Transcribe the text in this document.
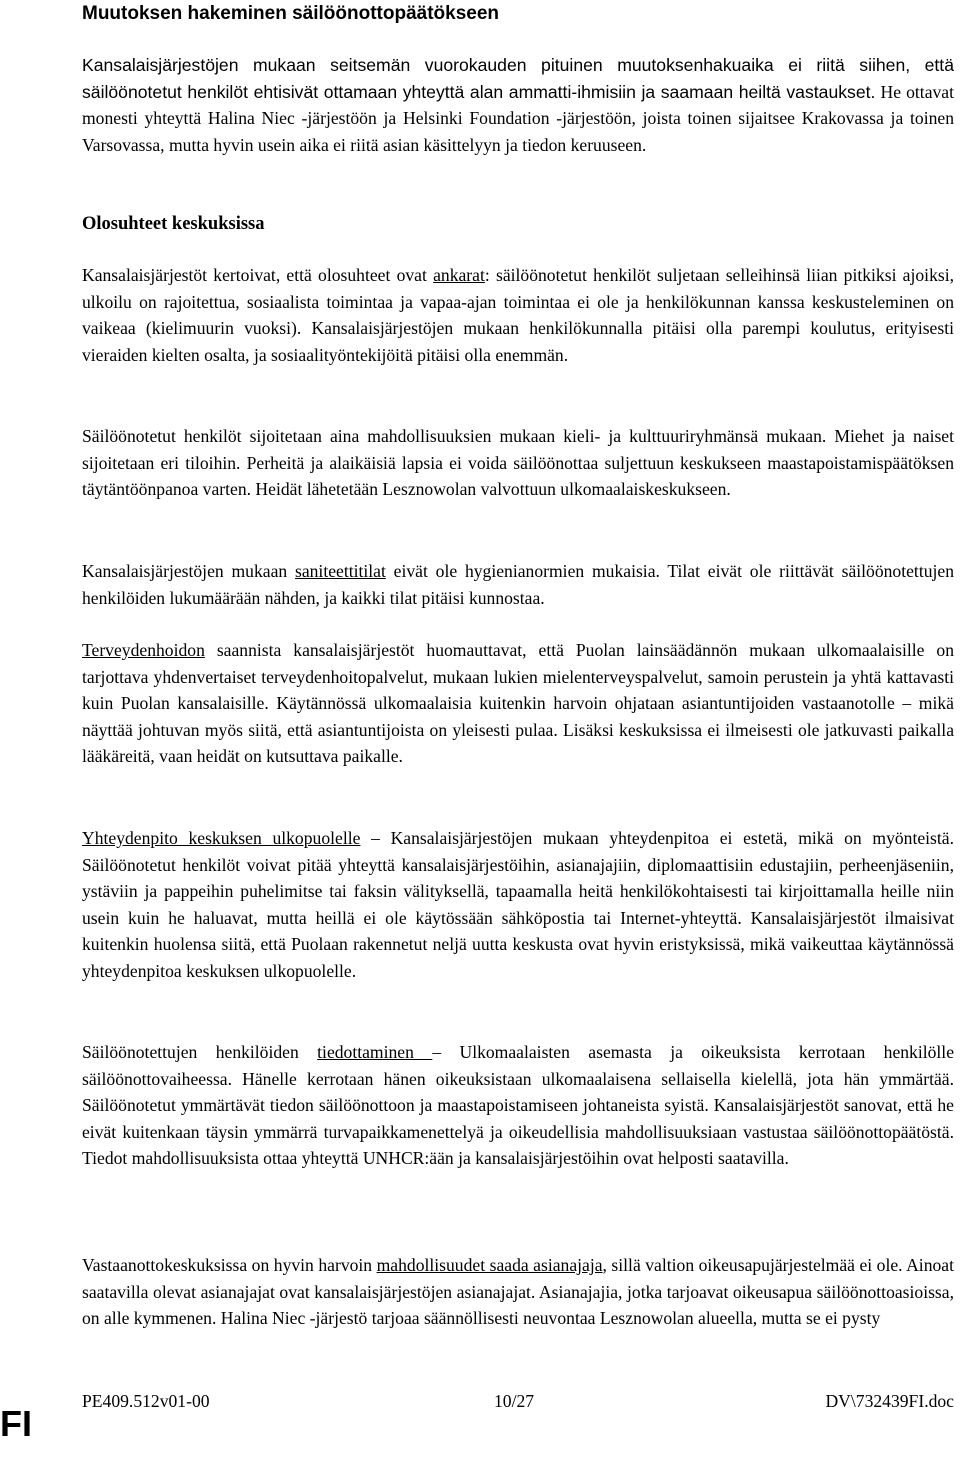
Muutoksen hakeminen säilöönottopäätökseen

Kansalaisjärjestöjen mukaan seitsemän vuorokauden pituinen muutoksenhakuaika ei riitä siihen, että säilöönotetut henkilöt ehtisivät ottamaan yhteyttä alan ammatti-ihmisiin ja saamaan heiltä vastaukset. He ottavat monesti yhteyttä Halina Niec -järjestöön ja Helsinki Foundation -järjestöön, joista toinen sijaitsee Krakovassa ja toinen Varsovassa, mutta hyvin usein aika ei riitä asian käsittelyyn ja tiedon keruuseen.

Olosuhteet keskuksissa

Kansalaisjärjestöt kertoivat, että olosuhteet ovat ankarat: säilöönotetut henkilöt suljetaan selleihinsä liian pitkiksi ajoiksi, ulkoilu on rajoitettua, sosiaalista toimintaa ja vapaa-ajan toimintaa ei ole ja henkilökunnan kanssa keskusteleminen on vaikeaa (kielimuurin vuoksi). Kansalaisjärjestöjen mukaan henkilökunnalla pitäisi olla parempi koulutus, erityisesti vieraiden kielten osalta, ja sosiaalityöntekijöitä pitäisi olla enemmän.

Säilöönotetut henkilöt sijoitetaan aina mahdollisuuksien mukaan kieli- ja kulttuuriryhmänsä mukaan. Miehet ja naiset sijoitetaan eri tiloihin. Perheitä ja alaikäisiä lapsia ei voida säilöönottaa suljettuun keskukseen maastapoistamispäätöksen täytäntöönpanoa varten. Heidät lähetetään Lesznowolan valvottuun ulkomaalaiskeskukseen.

Kansalaisjärjestöjen mukaan saniteettitilat eivät ole hygienianormien mukaisia. Tilat eivät ole riittävät säilöönotettujen henkilöiden lukumäärään nähden, ja kaikki tilat pitäisi kunnostaa.

Terveydenhoidon saannista kansalaisjärjestöt huomauttavat, että Puolan lainsäädännön mukaan ulkomaalaisille on tarjottava yhdenvertaiset terveydenhoitopalvelut, mukaan lukien mielenterveyspalvelut, samoin perustein ja yhtä kattavasti kuin Puolan kansalaisille. Käytännössä ulkomaalaisia kuitenkin harvoin ohjataan asiantuntijoiden vastaanotolle – mikä näyttää johtuvan myös siitä, että asiantuntijoista on yleisesti pulaa. Lisäksi keskuksissa ei ilmeisesti ole jatkuvasti paikalla lääkäreitä, vaan heidät on kutsuttava paikalle.

Yhteydenpito keskuksen ulkopuolelle – Kansalaisjärjestöjen mukaan yhteydenpitoa ei estetä, mikä on myönteistä. Säilöönotetut henkilöt voivat pitää yhteyttä kansalaisjärjestöihin, asianajajiin, diplomaattisiin edustajiin, perheenjäseniin, ystäviin ja pappeihin puhelimitse tai faksin välityksellä, tapaamalla heitä henkilökohtaisesti tai kirjoittamalla heille niin usein kuin he haluavat, mutta heillä ei ole käytössään sähköpostia tai Internet-yhteyttä. Kansalaisjärjestöt ilmaisivat kuitenkin huolensa siitä, että Puolaan rakennetut neljä uutta keskusta ovat hyvin eristyksissä, mikä vaikeuttaa käytännössä yhteydenpitoa keskuksen ulkopuolelle.

Säilöönotettujen henkilöiden tiedottaminen – Ulkomaalaisten asemasta ja oikeuksista kerrotaan henkilölle säilöönottovaiheessa. Hänelle kerrotaan hänen oikeuksistaan ulkomaalaisena sellaisella kielellä, jota hän ymmärtää. Säilöönotetut ymmärtävät tiedon säilöönottoon ja maastapoistamiseen johtaneista syistä. Kansalaisjärjestöt sanovat, että he eivät kuitenkaan täysin ymmärrä turvapaikkamenettelyä ja oikeudellisia mahdollisuuksiaan vastustaa säilöönottopäätöstä. Tiedot mahdollisuuksista ottaa yhteyttä UNHCR:ään ja kansalaisjärjestöihin ovat helposti saatavilla.

Vastaanottokeskuksissa on hyvin harvoin mahdollisuudet saada asianajaja, sillä valtion oikeusapujärjestelmää ei ole. Ainoat saatavilla olevat asianajajat ovat kansalaisjärjestöjen asianajajat. Asianajajia, jotka tarjoavat oikeusapua säilöönottoasioissa, on alle kymmenen. Halina Niec -järjestö tarjoaa säännöllisesti neuvontaa Lesznowolan alueella, mutta se ei pysty

PE409.512v01-00	10/27	DV\732439FI.doc
FI
